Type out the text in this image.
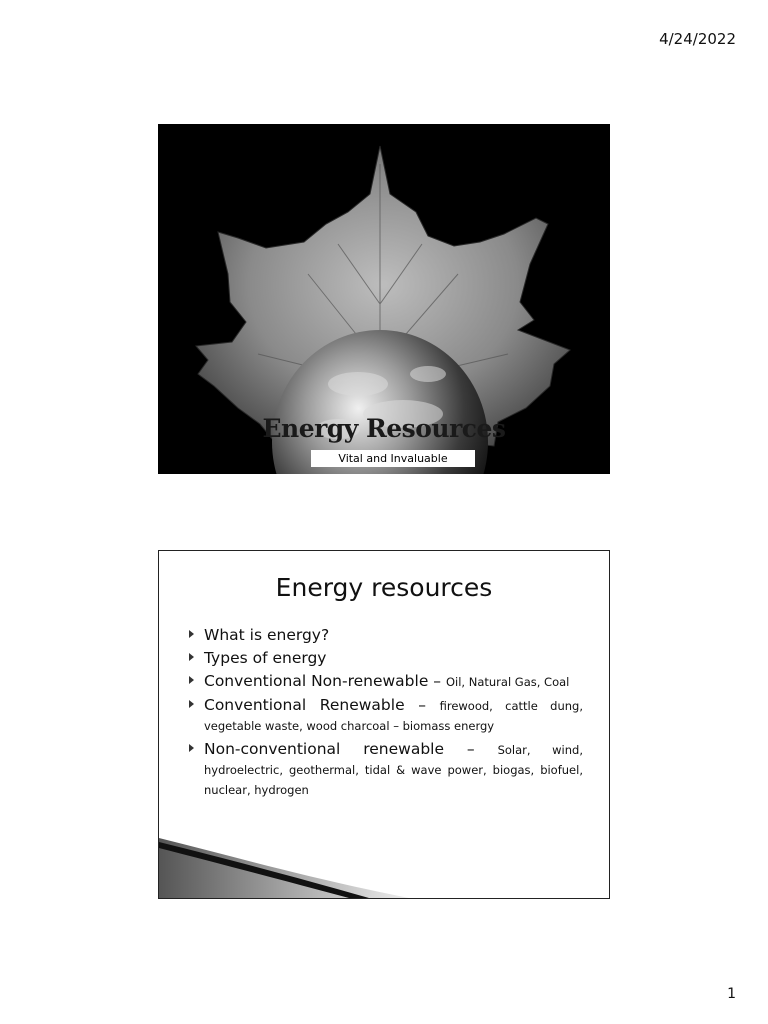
4/24/2022
Energy Resources
Vital and Invaluable
Energy resources
What is energy?
Types of energy
Conventional Non-renewable – Oil, Natural Gas, Coal
Conventional Renewable – firewood, cattle dung, vegetable waste, wood charcoal – biomass energy
Non-conventional renewable – Solar, wind, hydroelectric, geothermal, tidal & wave power, biogas, biofuel, nuclear, hydrogen
1
